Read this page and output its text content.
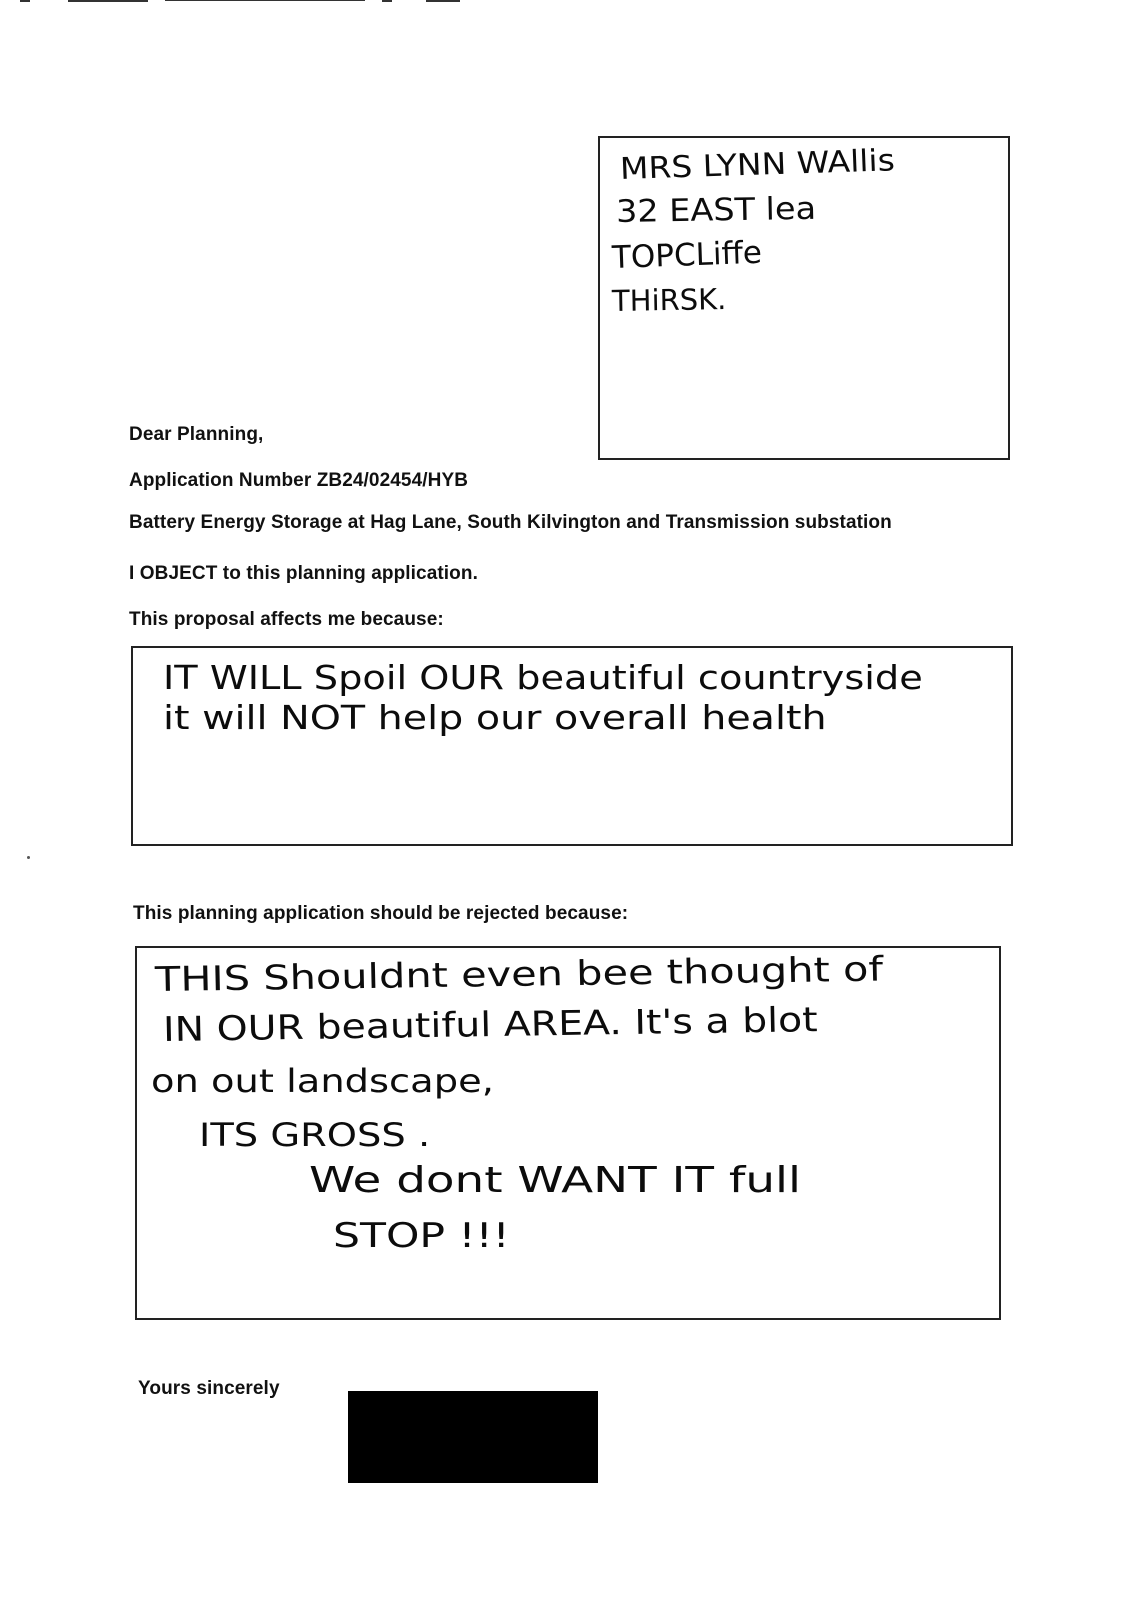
MRS LYNN WAllis
32 EAST lea
TOPCLiffe
THiRSK.
Dear Planning,
Application Number ZB24/02454/HYB
Battery Energy Storage at Hag Lane, South Kilvington and Transmission substation
I OBJECT to this planning application.
This proposal affects me because:
IT WILL Spoil OUR beautiful countryside
it will NOT help our overall health
This planning application should be rejected because:
THIS Shouldnt even bee thought of
IN OUR beautiful AREA. It's a blot
on out landscape,
ITS GROSS .
We dont WANT IT full
STOP !!!
Yours sincerely
